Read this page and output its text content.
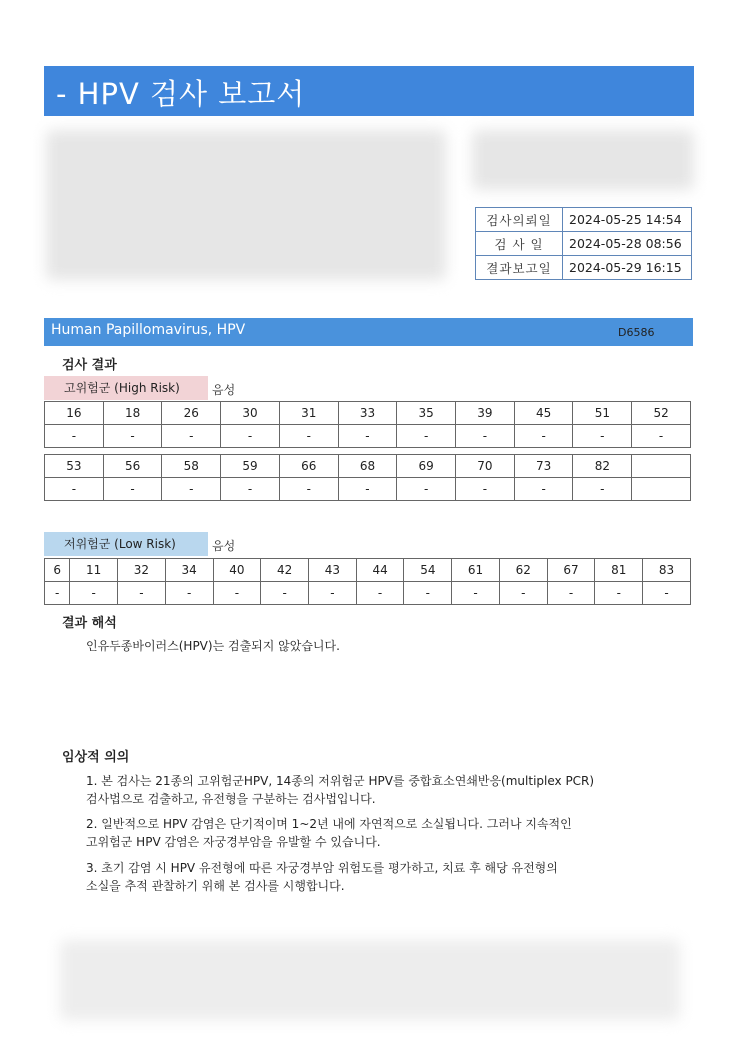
- HPV 검사 보고서
검사의뢰일	2024-05-25 14:54
검 사 일	2024-05-28 08:56
결과보고일	2024-05-29 16:15
Human Papillomavirus, HPV	D6586
검사 결과
고위험군 (High Risk)	음성
16	18	26	30	31	33	35	39	45	51	52
-	-	-	-	-	-	-	-	-	-	-

53	56	58	59	66	68	69	70	73	82	
-	-	-	-	-	-	-	-	-	-	
저위험군 (Low Risk)	음성
6	11	32	34	40	42	43	44	54	61	62	67	81	83
-	-	-	-	-	-	-	-	-	-	-	-	-	-
결과 해석
인유두종바이러스(HPV)는 검출되지 않았습니다.
임상적 의의
1. 본 검사는 21종의 고위험군HPV, 14종의 저위험군 HPV를 중합효소연쇄반응(multiplex PCR)
검사법으로 검출하고, 유전형을 구분하는 검사법입니다.
2. 일반적으로 HPV 감염은 단기적이며 1~2년 내에 자연적으로 소실됩니다. 그러나 지속적인
고위험군 HPV 감염은 자궁경부암을 유발할 수 있습니다.
3. 초기 감염 시 HPV 유전형에 따른 자궁경부암 위험도를 평가하고, 치료 후 해당 유전형의
소실을 추적 관찰하기 위해 본 검사를 시행합니다.
